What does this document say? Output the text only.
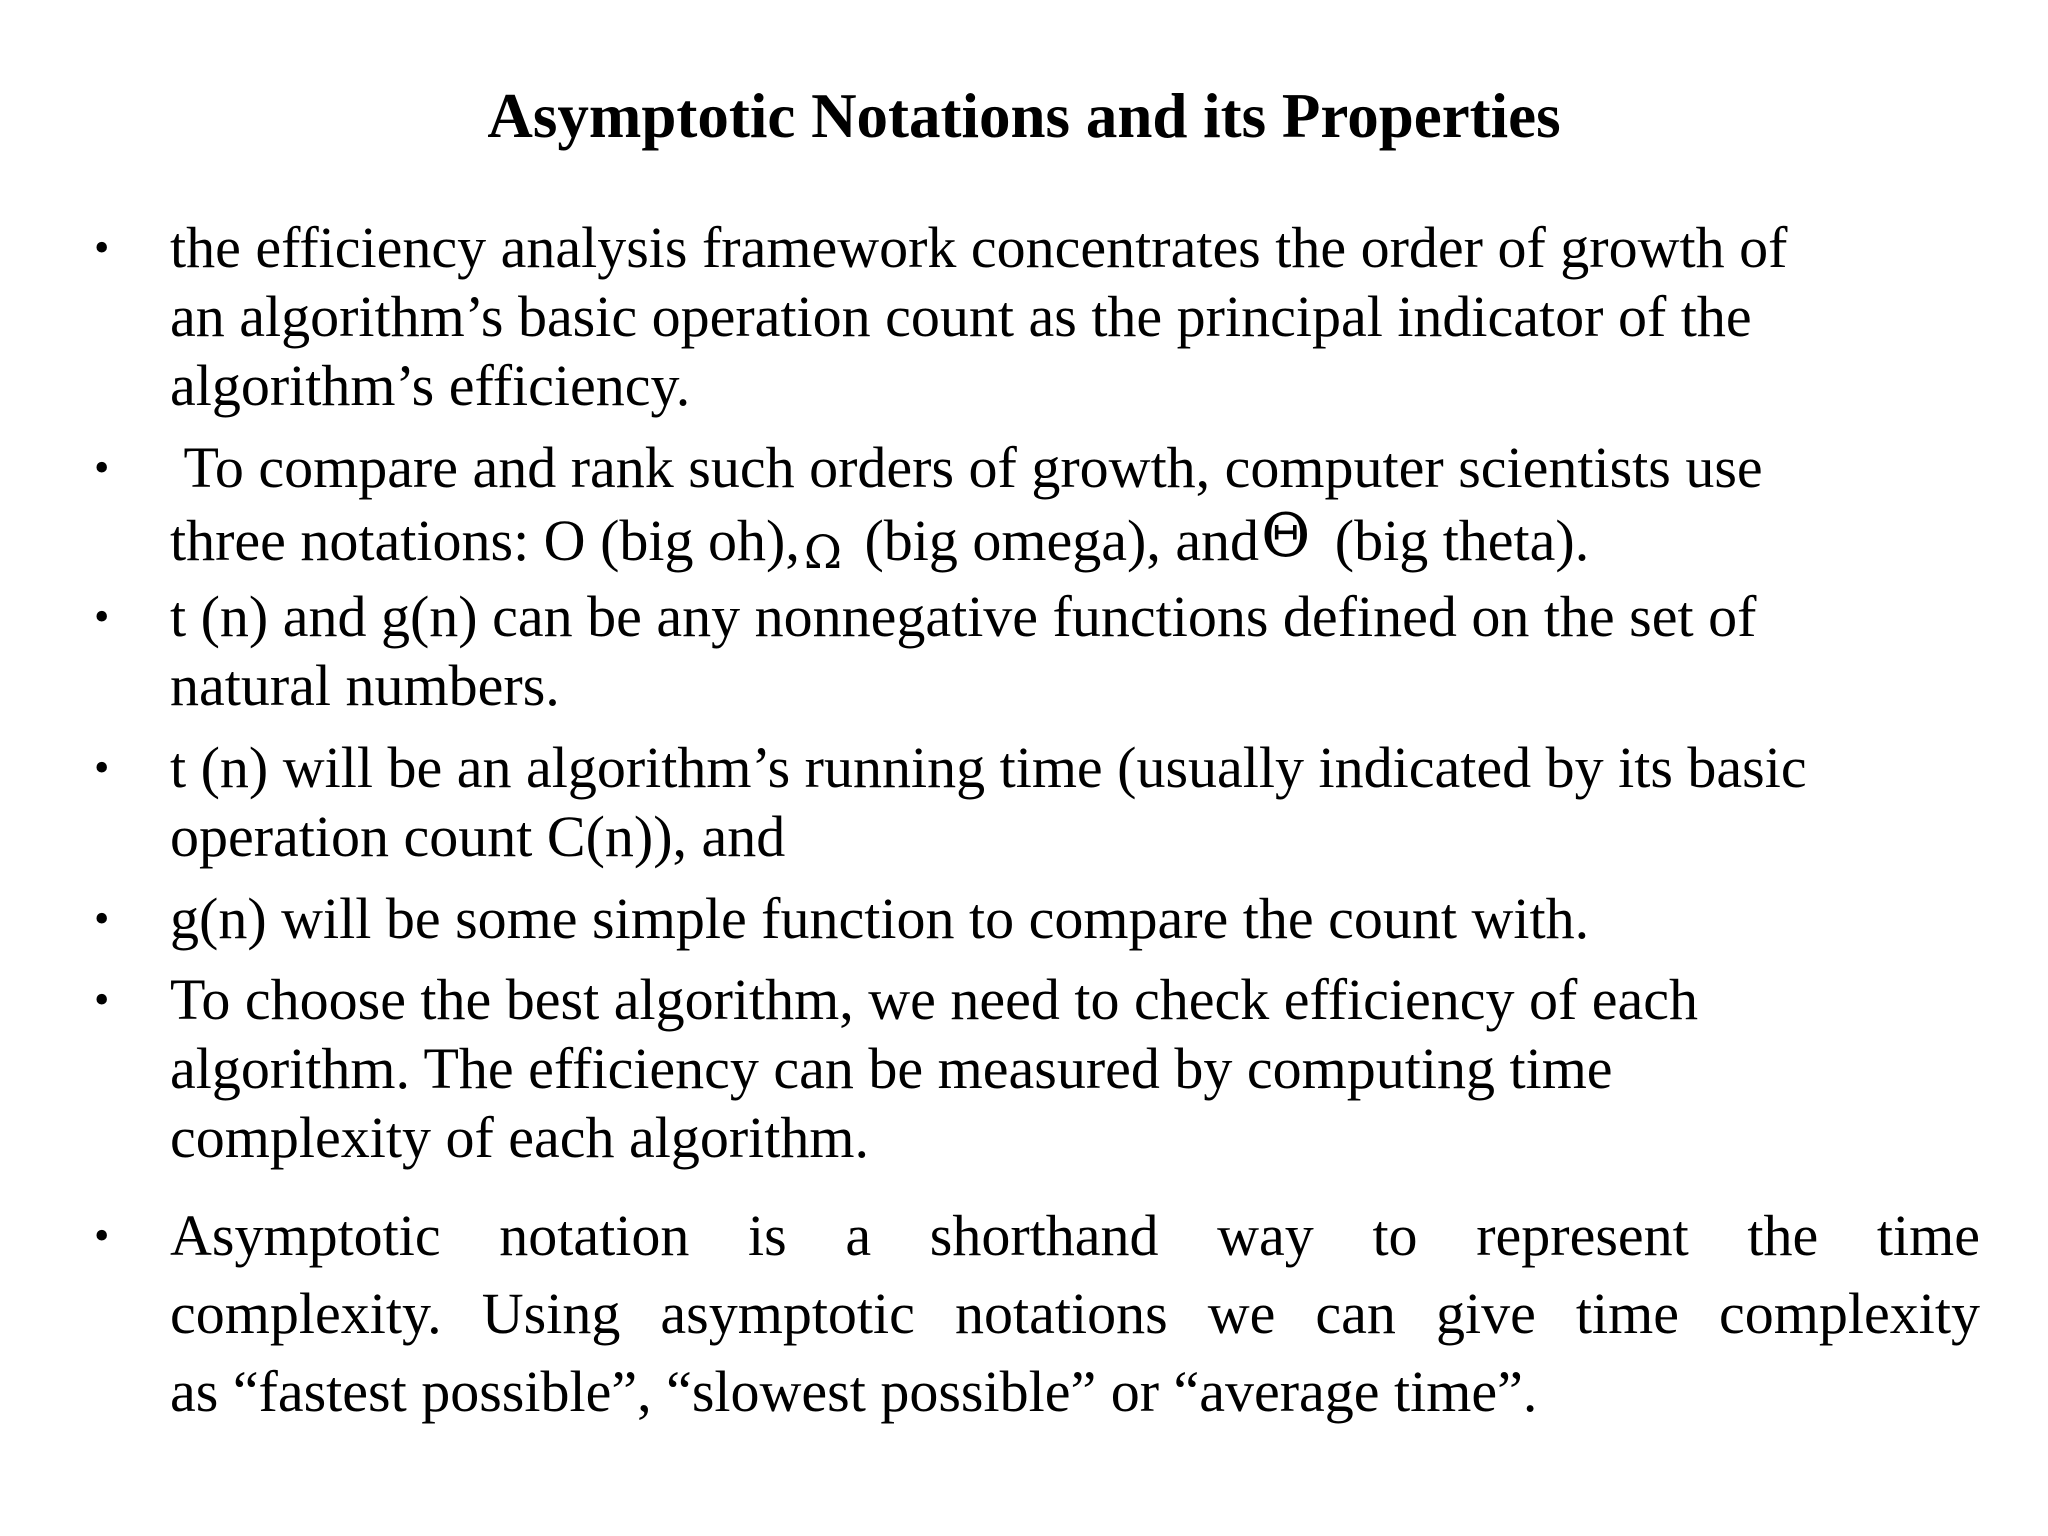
Asymptotic Notations and its Properties
• the efficiency analysis framework concentrates the order of growth of
an algorithm’s basic operation count as the principal indicator of the
algorithm’s efficiency.
• To compare and rank such orders of growth, computer scientists use
three notations: O (big oh),Ω (big omega), andΘ (big theta).
• t (n) and g(n) can be any nonnegative functions defined on the set of
natural numbers.
• t (n) will be an algorithm’s running time (usually indicated by its basic
operation count C(n)), and
• g(n) will be some simple function to compare the count with.
• To choose the best algorithm, we need to check efficiency of each
algorithm. The efficiency can be measured by computing time
complexity of each algorithm.
• Asymptotic notation is a shorthand way to represent the time
complexity. Using asymptotic notations we can give time complexity
as “fastest possible”, “slowest possible” or “average time”.
